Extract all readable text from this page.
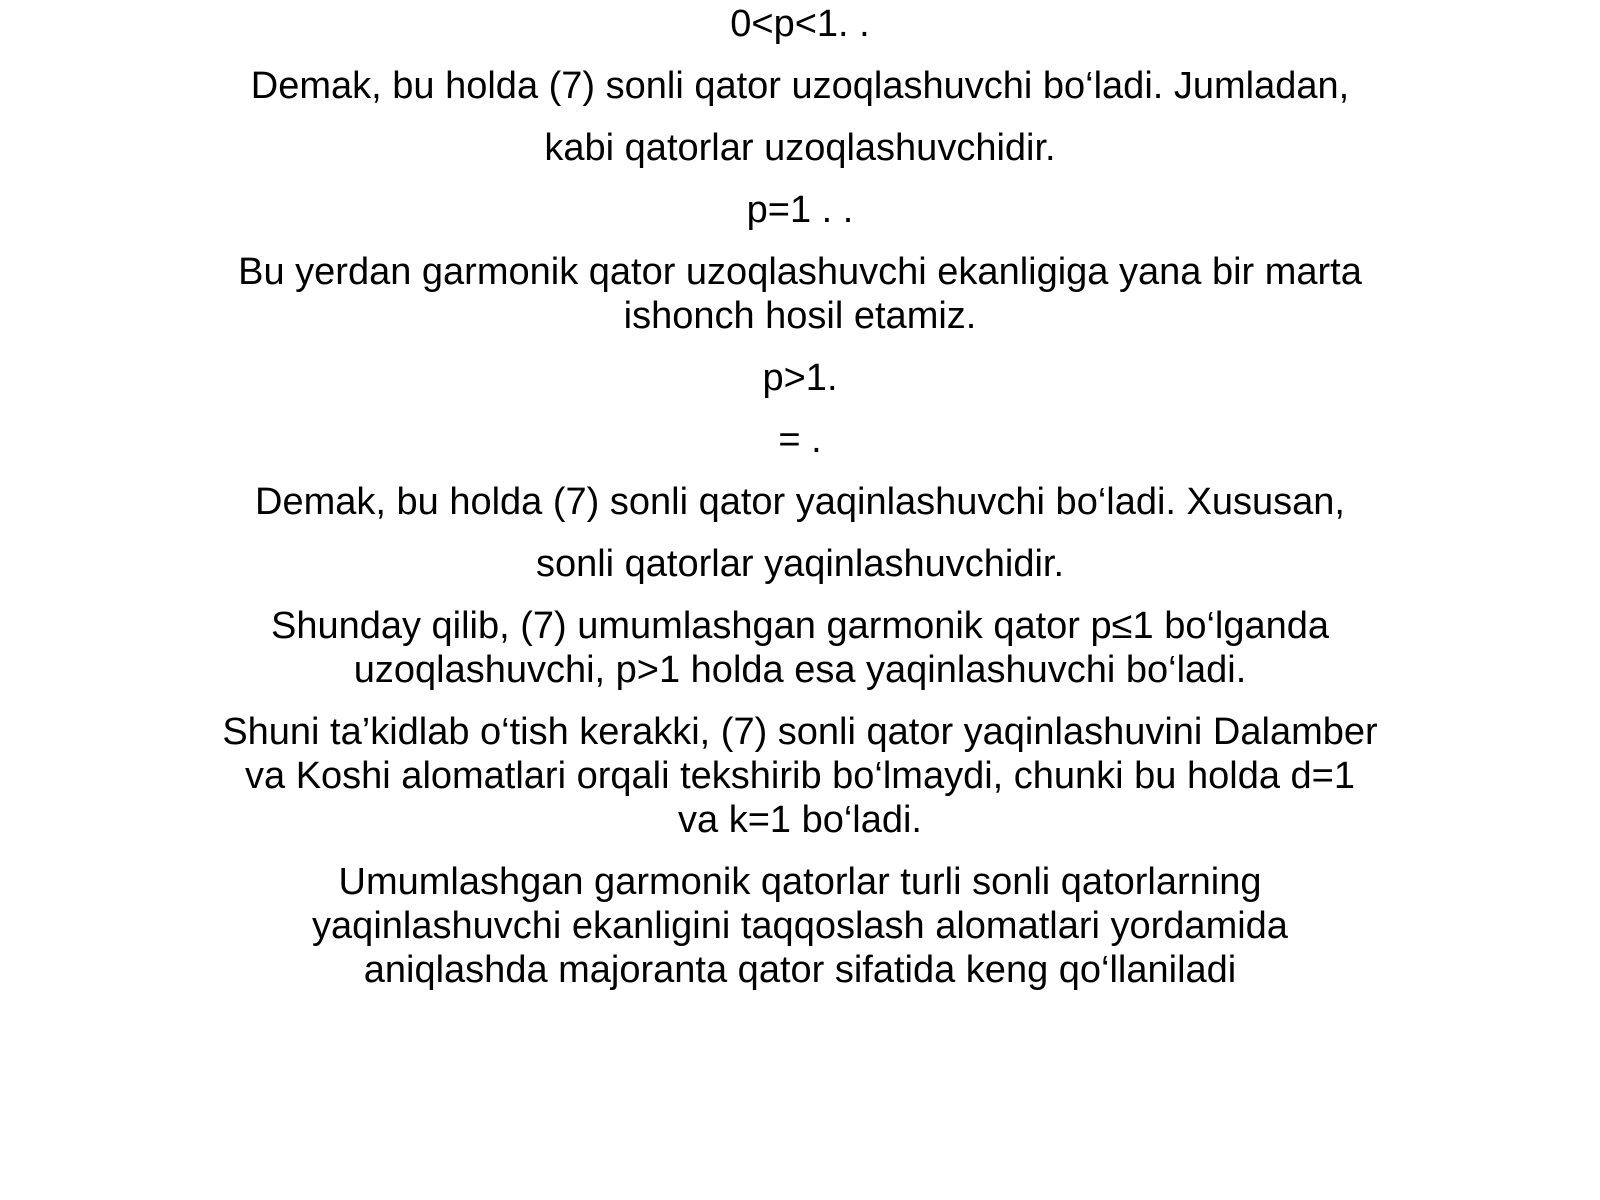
0<p<1. .

Demak, bu holda (7) sonli qator uzoqlashuvchi bo‘ladi. Jumladan,

kabi qatorlar uzoqlashuvchidir.

p=1 . .

Bu yerdan garmonik qator uzoqlashuvchi ekanligiga yana bir marta ishonch hosil etamiz.

p>1.

= .

Demak, bu holda (7) sonli qator yaqinlashuvchi bo‘ladi. Xususan,

sonli qatorlar yaqinlashuvchidir.

Shunday qilib, (7) umumlashgan garmonik qator p≤1 bo‘lganda uzoqlashuvchi, p>1 holda esa yaqinlashuvchi bo‘ladi.

Shuni ta’kidlab o‘tish kerakki, (7) sonli qator yaqinlashuvini Dalamber va Koshi alomatlari orqali tekshirib bo‘lmaydi, chunki bu holda d=1 va k=1 bo‘ladi.

Umumlashgan garmonik qatorlar turli sonli qatorlarning yaqinlashuvchi ekanligini taqqoslash alomatlari yordamida aniqlashda majoranta qator sifatida keng qo‘llaniladi
